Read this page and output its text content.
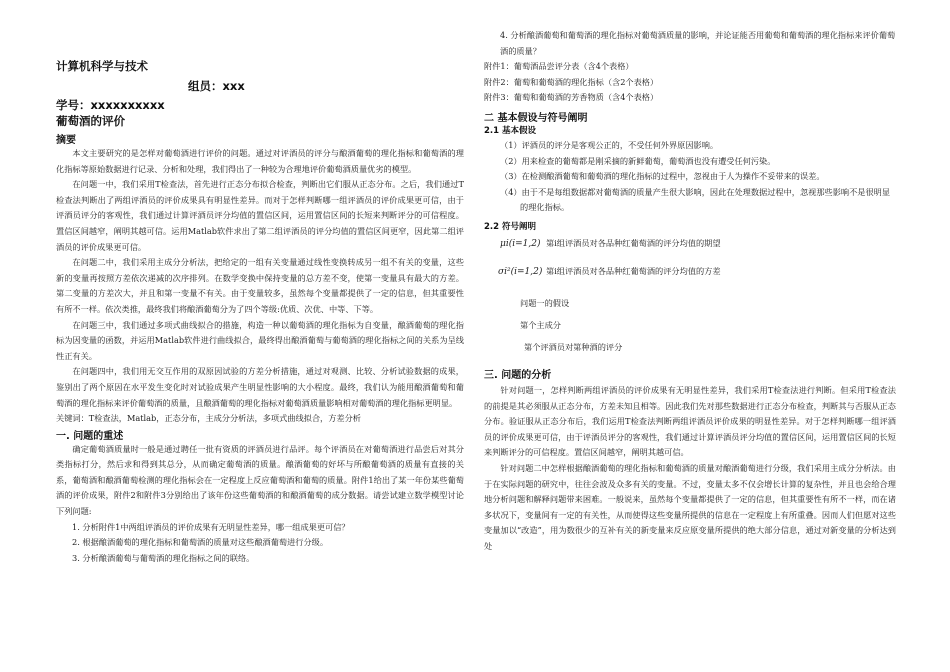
计算机科学与技术
组员：xxx
学号：xxxxxxxxxx
葡萄酒的评价
摘要

本文主要研究的是怎样对葡萄酒进行评价的问题。通过对评酒员的评分与酿酒葡萄的理化指标和葡萄酒的理化指标等原始数据进行记录、分析和处理，我们得出了一种较为合理地评价葡萄酒质量优劣的模型。

在问题一中，我们采用T检查法，首先进行正态分布拟合检查，判断出它们服从正态分布。之后，我们通过T检查法判断出了两组评酒员的评价成果具有明显性差异。而对于怎样判断哪一组评酒员的评价成果更可信，由于评酒员评分的客观性，我们通过计算评酒员评分均值的置信区间，运用置信区间的长短来判断评分的可信程度。置信区间越窄，阐明其越可信。运用Matlab软件求出了第二组评酒员的评分均值的置信区间更窄，因此第二组评酒员的评价成果更可信。

在问题二中，我们采用主成分分析法，把给定的一组有关变量通过线性变换转成另一组不有关的变量，这些新的变量再按照方差依次递减的次序排列。在数学变换中保持变量的总方差不变，使第一变量具有最大的方差。第二变量的方差次大，并且和第一变量不有关。由于变量较多，虽然每个变量都提供了一定的信息，但其重要性有所不一样。依次类推，最终我们将酿酒葡萄分为了四个等级:优质、次优、中等、下等。

在问题三中，我们通过多项式曲线拟合的措施，构造一种以葡萄酒的理化指标为自变量，酿酒葡萄的理化指标为因变量的函数，并运用Matlab软件进行曲线拟合，最终得出酿酒葡萄与葡萄酒的理化指标之间的关系为呈线性正有关。

在问题四中，我们用无交互作用的双原因试验的方差分析措施，通过对观测、比较、分析试验数据的成果，鉴别出了两个原因在水平发生变化时对试验成果产生明显性影响的大小程度。最终，我们认为能用酿酒葡萄和葡萄酒的理化指标来评价葡萄酒的质量，且酿酒葡萄的理化指标对葡萄酒质量影响相对葡萄酒的理化指标更明显。

关键词：T检查法，Matlab，正态分布，主成分分析法，多项式曲线拟合，方差分析

一. 问题的重述

确定葡萄酒质量时一般是通过聘任一批有资质的评酒员进行品评。每个评酒员在对葡萄酒进行品尝后对其分类指标打分，然后求和得到其总分，从而确定葡萄酒的质量。酿酒葡萄的好坏与所酿葡萄酒的质量有直接的关系，葡萄酒和酿酒葡萄检测的理化指标会在一定程度上反应葡萄酒和葡萄的质量。附件1给出了某一年份某些葡萄酒的评价成果，附件2和附件3分别给出了该年份这些葡萄酒的和酿酒葡萄的成分数据。请尝试建立数学模型讨论下列问题:

1. 分析附件1中两组评酒员的评价成果有无明显性差异，哪一组成果更可信？

2. 根据酿酒葡萄的理化指标和葡萄酒的质量对这些酿酒葡萄进行分级。

3. 分析酿酒葡萄与葡萄酒的理化指标之间的联络。

4. 分析酿酒葡萄和葡萄酒的理化指标对葡萄酒质量的影响，并论证能否用葡萄和葡萄酒的理化指标来评价葡萄酒的质量？

附件1：葡萄酒品尝评分表（含4个表格）

附件2：葡萄和葡萄酒的理化指标（含2个表格）

附件3：葡萄和葡萄酒的芳香物质（含4个表格）

二 基本假设与符号阐明
2.1 基本假设

（1）评酒员的评分是客观公正的，不受任何外界原因影响。

（2）用来检查的葡萄都是刚采摘的新鲜葡萄，葡萄酒也没有遭受任何污染。

（3）在检测酿酒葡萄和葡萄酒的理化指标的过程中，忽视由于人为操作不妥带来的误差。

（4）由于不是每组数据都对葡萄酒的质量产生很大影响，因此在处理数据过程中，忽视那些影响不是很明显的理化指标。

2.2 符号阐明
μi(i=1,2) 第i组评酒员对各品种红葡萄酒的评分均值的期望
σi²(i=1,2) 第i组评酒员对各品种红葡萄酒的评分均值的方差

问题一的假设

第个主成分

第个评酒员对第种酒的评分

三. 问题的分析

针对问题一，怎样判断两组评酒员的评价成果有无明显性差异，我们采用T检查法进行判断。但采用T检查法的前提是其必须服从正态分布，方差未知且相等。因此我们先对那些数据进行正态分布检查，判断其与否服从正态分布。验证服从正态分布后，我们运用T检查法判断两组评酒员评价成果的明显性差异。对于怎样判断哪一组评酒员的评价成果更可信，由于评酒员评分的客观性，我们通过计算评酒员评分均值的置信区间，运用置信区间的长短来判断评分的可信程度。置信区间越窄，阐明其越可信。

针对问题二中怎样根据酿酒葡萄的理化指标和葡萄酒的质量对酿酒葡萄进行分级，我们采用主成分分析法。由于在实际问题的研究中，往往会波及众多有关的变量。不过，变量太多不仅会增长计算的复杂性，并且也会给合理地分析问题和解释问题带来困难。一般说来，虽然每个变量都提供了一定的信息，但其重要性有所不一样，而在诸多状况下，变量间有一定的有关性，从而使得这些变量所提供的信息在一定程度上有所重叠。因而人们但愿对这些变量加以“改造”，用为数很少的互补有关的新变量来反应原变量所提供的绝大部分信息，通过对新变量的分析达到处
